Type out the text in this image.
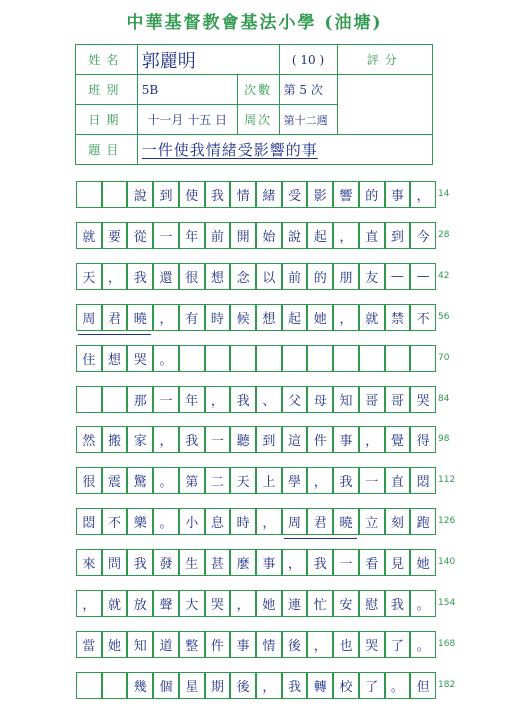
中華基督教會基法小學 (油塘)
姓名	郭麗明		( 10 )	評分
班別	5B	次數	第 5 次	
日期	十一月 十五 日	周次	第十二週	
題目	一件使我情緒受影響的事			
說 到 使 我 情 緒 受 影 響 的 事 ， 14
就 要 從 一 年 前 開 始 說 起 ， 直 到 今 28
天 ， 我 還 很 想 念 以 前 的 朋 友 — — 42
周 君 曉 ， 有 時 候 想 起 她 ， 就 禁 不 56
住 想 哭 。	70
那 一 年 ， 我 、 父 母 知 哥 哥 哭 84
然 搬 家 ， 我 一 聽 到 這 件 事 ， 覺 得 98
很 震 驚 。 第 二 天 上 學 ， 我 一 直 悶 112
悶 不 樂 。 小 息 時 ， 周 君 曉 立 刻 跑 126
來 問 我 發 生 甚 麼 事 ， 我 一 看 見 她 140
， 就 放 聲 大 哭 ， 她 連 忙 安 慰 我 。 154
當 她 知 道 整 件 事 情 後 ， 也 哭 了 。 168
幾 個 星 期 後 ， 我 轉 校 了 。 但 182
